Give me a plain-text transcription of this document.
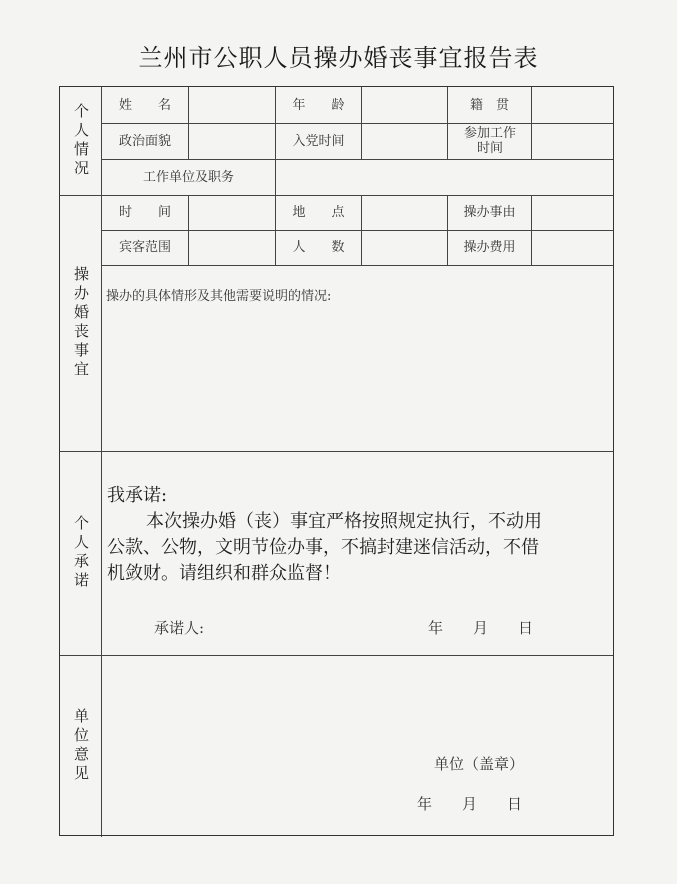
兰州市公职人员操办婚丧事宜报告表
个人情况
操办婚丧事宜
个人承诺
单位意见
姓　　名	年　　龄	籍　贯
政治面貌	入党时间	参加工作时间
工作单位及职务
时　　间	地　　点	操办事由
宾客范围	人　　数	操办费用
操办的具体情形及其他需要说明的情况:
我承诺:
本次操办婚（丧）事宜严格按照规定执行，不动用
公款、公物，文明节俭办事，不搞封建迷信活动，不借
机敛财。请组织和群众监督！
承诺人:	年　　月　　日
单位（盖章）
年　　月　　日
